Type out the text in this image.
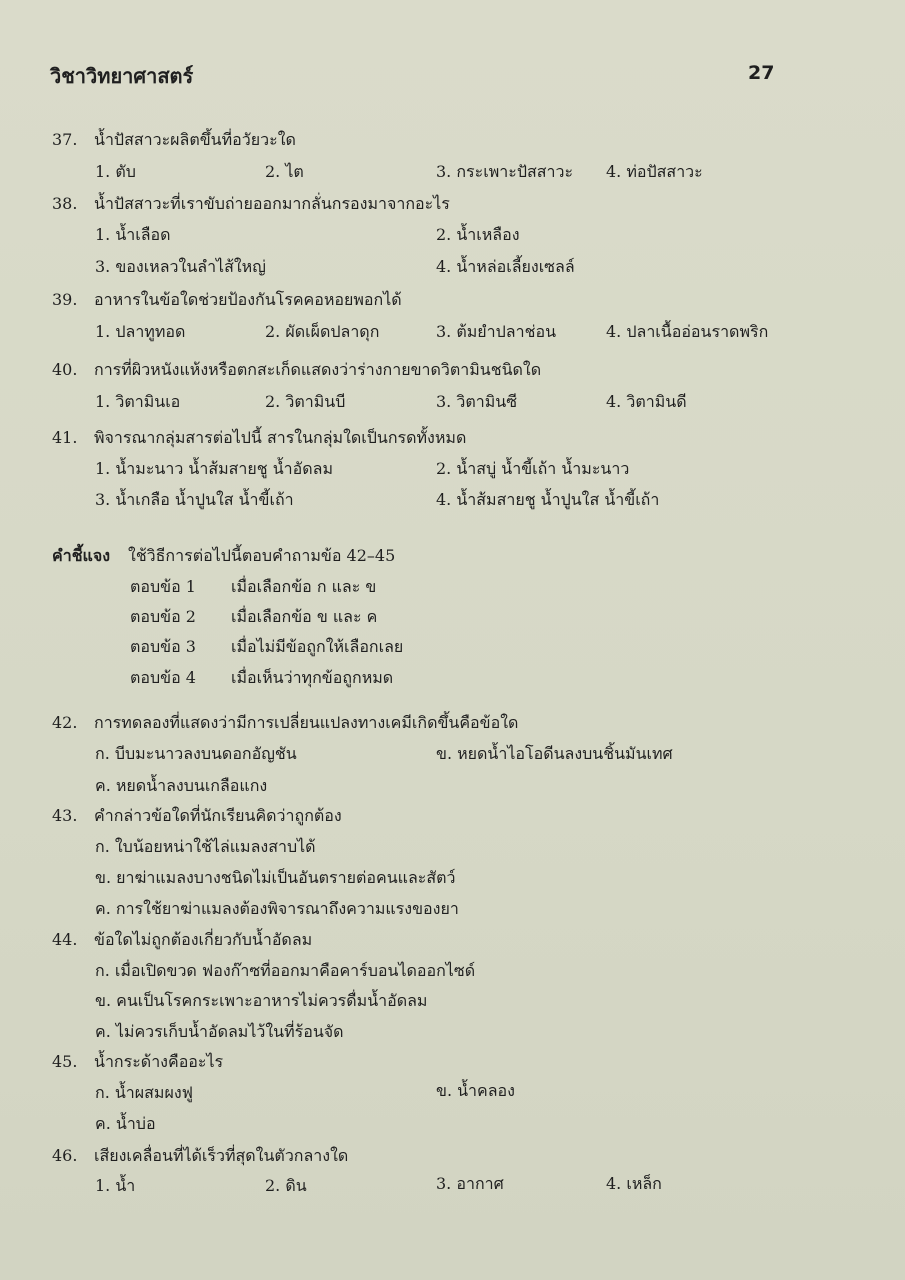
วิชาวิทยาศาสตร์	27
37. น้ำปัสสาวะผลิตขึ้นที่อวัยวะใด
1. ตับ	2. ไต	3. กระเพาะปัสสาวะ 4. ท่อปัสสาวะ
38. น้ำปัสสาวะที่เราขับถ่ายออกมากลั่นกรองมาจากอะไร
1. น้ำเลือด	2. น้ำเหลือง
3. ของเหลวในลำไส้ใหญ่	4. น้ำหล่อเลี้ยงเซลล์
39. อาหารในข้อใดช่วยป้องกันโรคคอหอยพอกได้
1. ปลาทูทอด	2. ผัดเผ็ดปลาดุก	3. ต้มยำปลาช่อน	4. ปลาเนื้ออ่อนราดพริก
40. การที่ผิวหนังแห้งหรือตกสะเก็ดแสดงว่าร่างกายขาดวิตามินชนิดใด
1. วิตามินเอ	2. วิตามินบี	3. วิตามินซี	4. วิตามินดี
41. พิจารณากลุ่มสารต่อไปนี้ สารในกลุ่มใดเป็นกรดทั้งหมด
1. น้ำมะนาว น้ำส้มสายชู น้ำอัดลม	2. น้ำสบู่ น้ำขี้เถ้า น้ำมะนาว
3. น้ำเกลือ น้ำปูนใส น้ำขี้เถ้า	4. น้ำส้มสายชู น้ำปูนใส น้ำขี้เถ้า
คำชี้แจง ใช้วิธีการต่อไปนี้ตอบคำถามข้อ 42–45
ตอบข้อ 1 เมื่อเลือกข้อ ก และ ข
ตอบข้อ 2 เมื่อเลือกข้อ ข และ ค
ตอบข้อ 3 เมื่อไม่มีข้อถูกให้เลือกเลย
ตอบข้อ 4 เมื่อเห็นว่าทุกข้อถูกหมด
42. การทดลองที่แสดงว่ามีการเปลี่ยนแปลงทางเคมีเกิดขึ้นคือข้อใด
ก. บีบมะนาวลงบนดอกอัญชัน	ข. หยดน้ำไอโอดีนลงบนชิ้นมันเทศ
ค. หยดน้ำลงบนเกลือแกง
43. คำกล่าวข้อใดที่นักเรียนคิดว่าถูกต้อง
ก. ใบน้อยหน่าใช้ไล่แมลงสาบได้
ข. ยาฆ่าแมลงบางชนิดไม่เป็นอันตรายต่อคนและสัตว์
ค. การใช้ยาฆ่าแมลงต้องพิจารณาถึงความแรงของยา
44. ข้อใดไม่ถูกต้องเกี่ยวกับน้ำอัดลม
ก. เมื่อเปิดขวด ฟองก๊าซที่ออกมาคือคาร์บอนไดออกไซด์
ข. คนเป็นโรคกระเพาะอาหารไม่ควรดื่มน้ำอัดลม
ค. ไม่ควรเก็บน้ำอัดลมไว้ในที่ร้อนจัด
45. น้ำกระด้างคืออะไร
ก. น้ำผสมผงฟู	ข. น้ำคลอง
ค. น้ำบ่อ
46. เสียงเคลื่อนที่ได้เร็วที่สุดในตัวกลางใด
1. น้ำ	2. ดิน	3. อากาศ	4. เหล็ก
